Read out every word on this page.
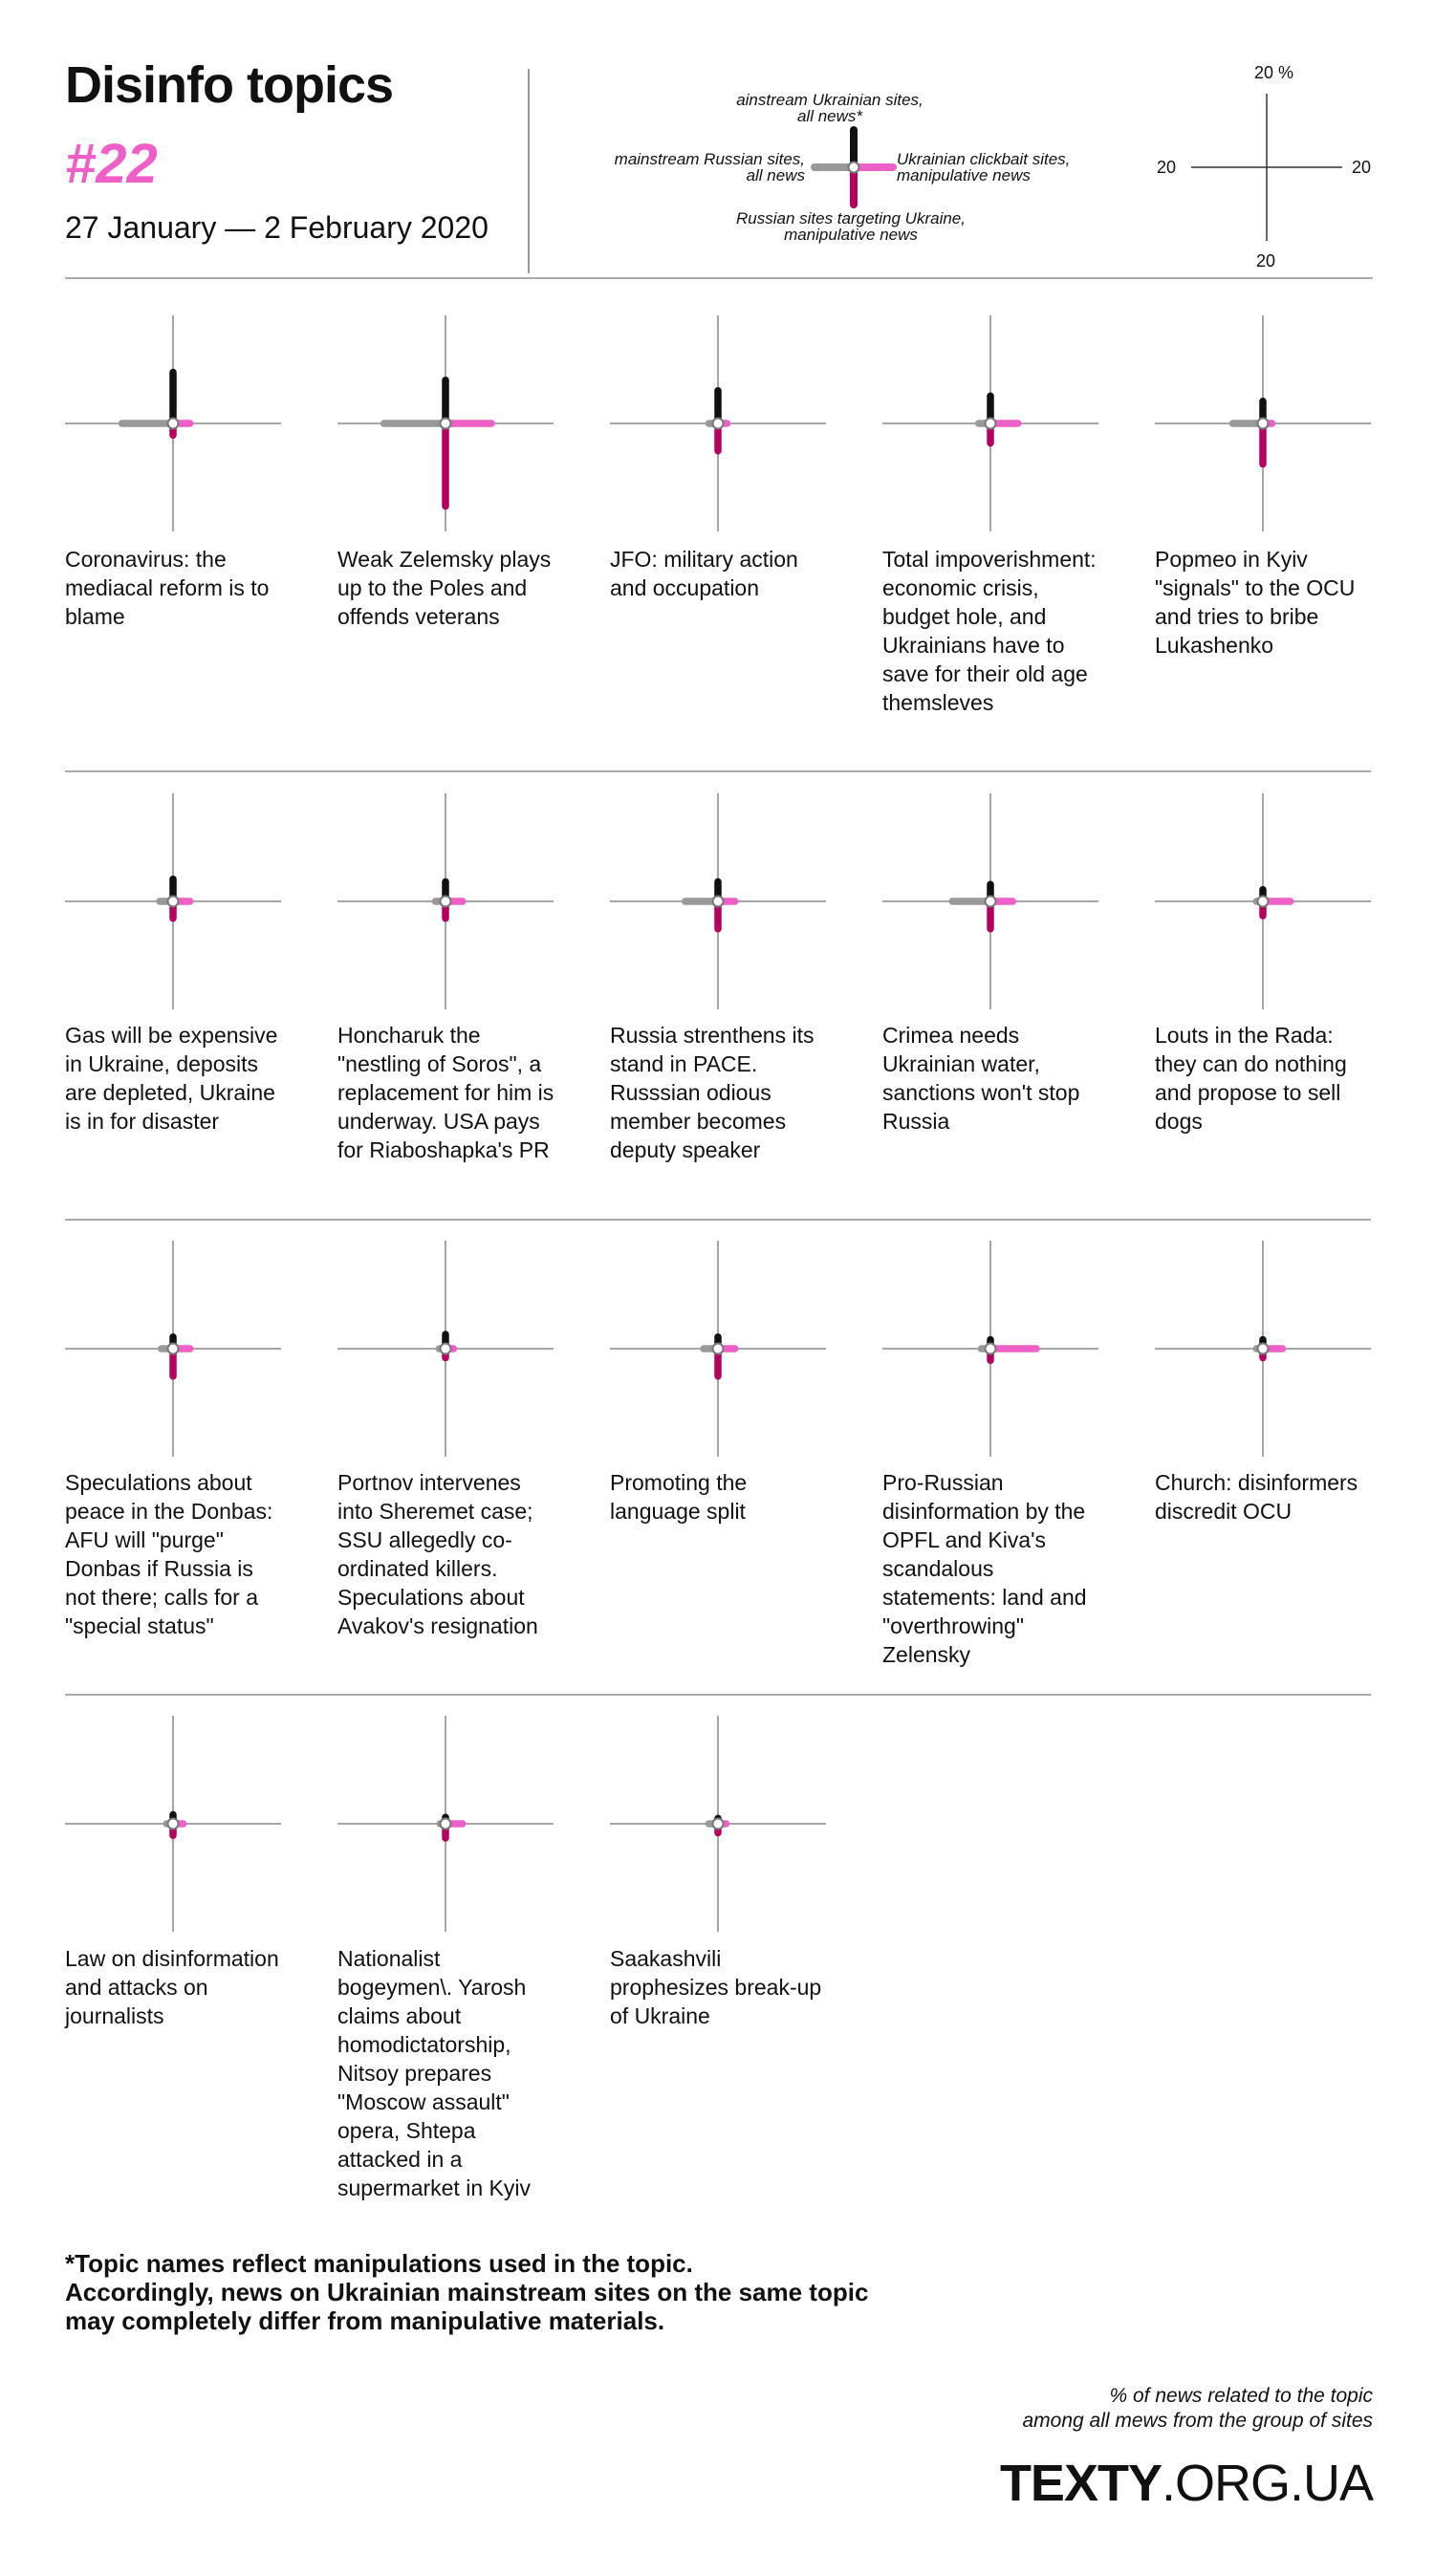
Disinfo topics
#22
27 January — 2 February 2020
ainstream Ukrainian sites,
all news*
mainstream Russian sites,
all news
Ukrainian clickbait sites,
manipulative news
Russian sites targeting Ukraine,
manipulative news
20 %
20	20
20
Coronavirus: the mediacal reform is to blame
Weak Zelemsky plays up to the Poles and offends veterans
JFO: military action and occupation
Total impoverishment: economic crisis, budget hole, and Ukrainians have to save for their old age themsleves
Popmeo in Kyiv "signals" to the OCU and tries to bribe Lukashenko
Gas will be expensive in Ukraine, deposits are depleted, Ukraine is in for disaster
Honcharuk the "nestling of Soros", a replacement for him is underway. USA pays for Riaboshapka's PR
Russia strenthens its stand in PACE. Russsian odious member becomes deputy speaker
Crimea needs Ukrainian water, sanctions won't stop Russia
Louts in the Rada: they can do nothing and propose to sell dogs
Speculations about peace in the Donbas: AFU will "purge" Donbas if Russia is not there; calls for a "special status"
Portnov intervenes into Sheremet case; SSU allegedly co-ordinated killers. Speculations about Avakov's resignation
Promoting the language split
Pro-Russian disinformation by the OPFL and Kiva's scandalous statements: land and "overthrowing" Zelensky
Church: disinformers discredit OCU
Law on disinformation and attacks on journalists
Nationalist bogeymen\. Yarosh claims about homodictatorship, Nitsoy prepares "Moscow assault" opera, Shtepa attacked in a supermarket in Kyiv
Saakashvili prophesizes break-up of Ukraine
*Topic names reflect manipulations used in the topic.
Accordingly, news on Ukrainian mainstream sites on the same topic
may completely differ from manipulative materials.
% of news related to the topic
among all mews from the group of sites
TEXTY.ORG.UA
